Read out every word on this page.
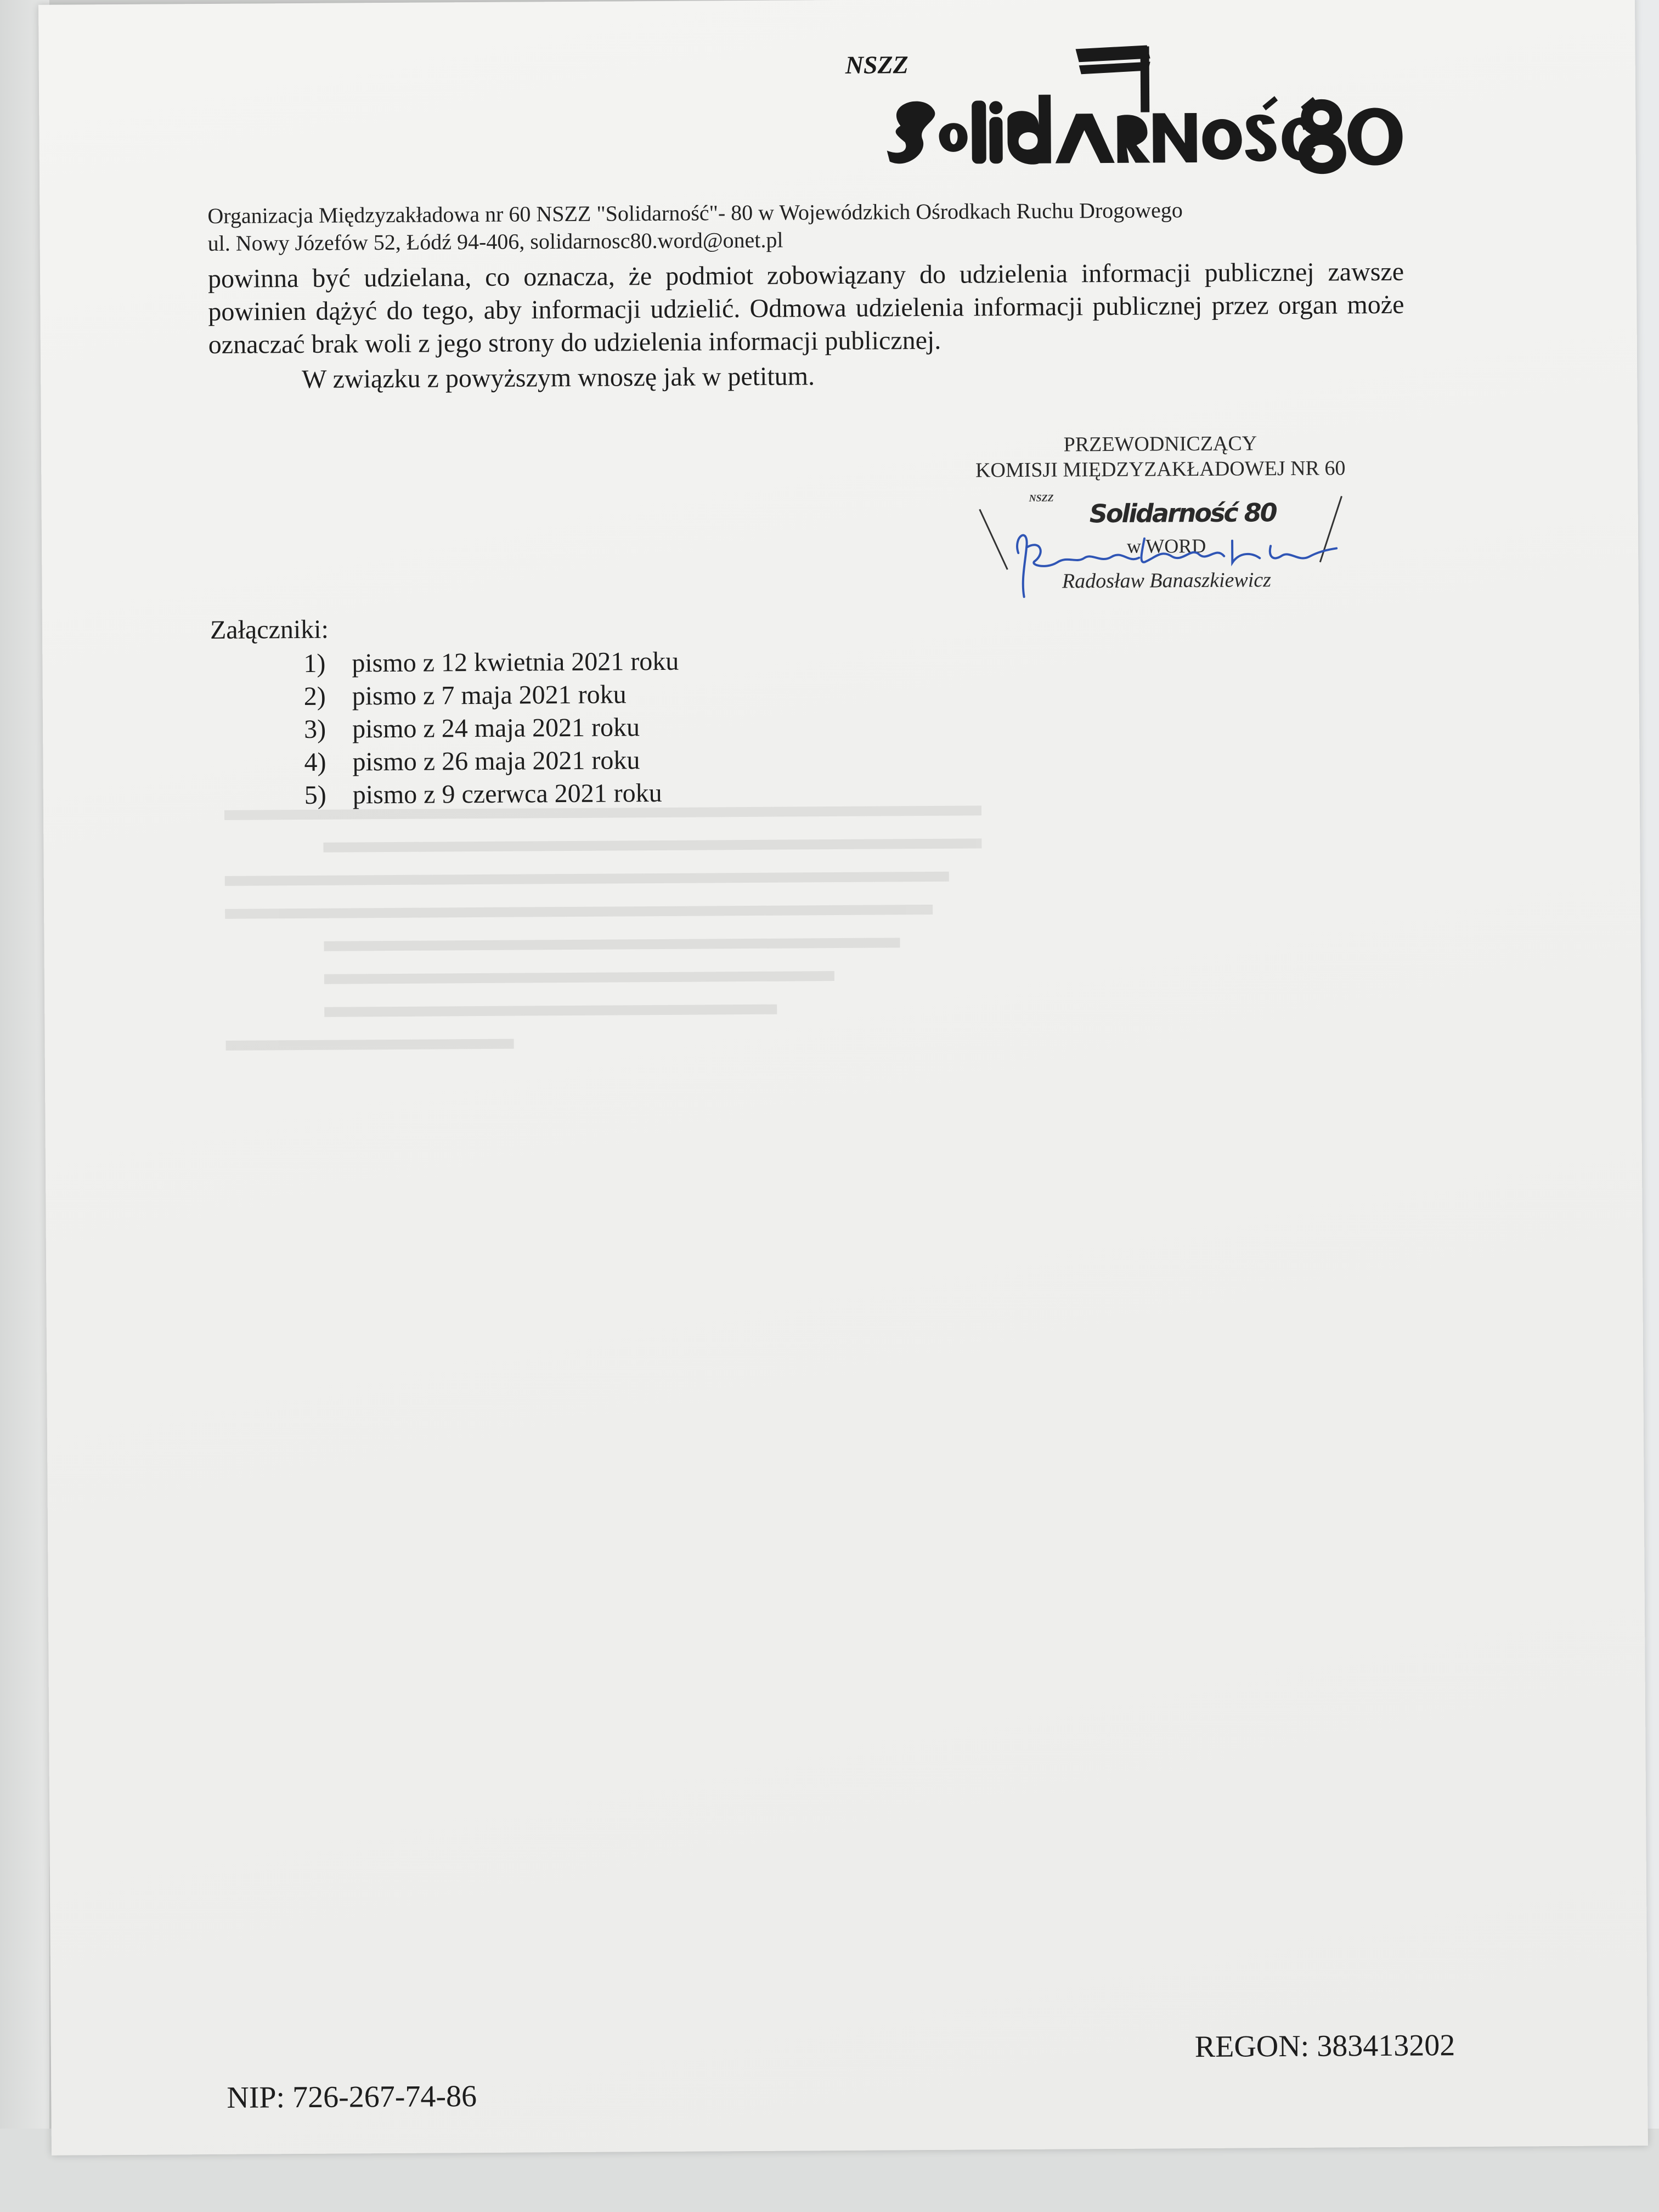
NSZZ
Organizacja Międzyzakładowa nr 60 NSZZ "Solidarność"- 80 w Wojewódzkich Ośrodkach Ruchu Drogowego
ul. Nowy Józefów 52, Łódź 94-406, solidarnosc80.word@onet.pl

powinna być udzielana, co oznacza, że podmiot zobowiązany do udzielenia informacji publicznej zawsze powinien dążyć do tego, aby informacji udzielić. Odmowa udzielenia informacji publicznej przez organ może oznaczać brak woli z jego strony do udzielenia informacji publicznej.

W związku z powyższym wnoszę jak w petitum.

PRZEWODNICZĄCY
KOMISJI MIĘDZYZAKŁADOWEJ NR 60
NSZZ Solidarność 80
w WORD
Radosław Banaszkiewicz
Załączniki:
1) pismo z 12 kwietnia 2021 roku
2) pismo z 7 maja 2021 roku
3) pismo z 24 maja 2021 roku
4) pismo z 26 maja 2021 roku
5) pismo z 9 czerwca 2021 roku
REGON: 383413202
NIP: 726-267-74-86
